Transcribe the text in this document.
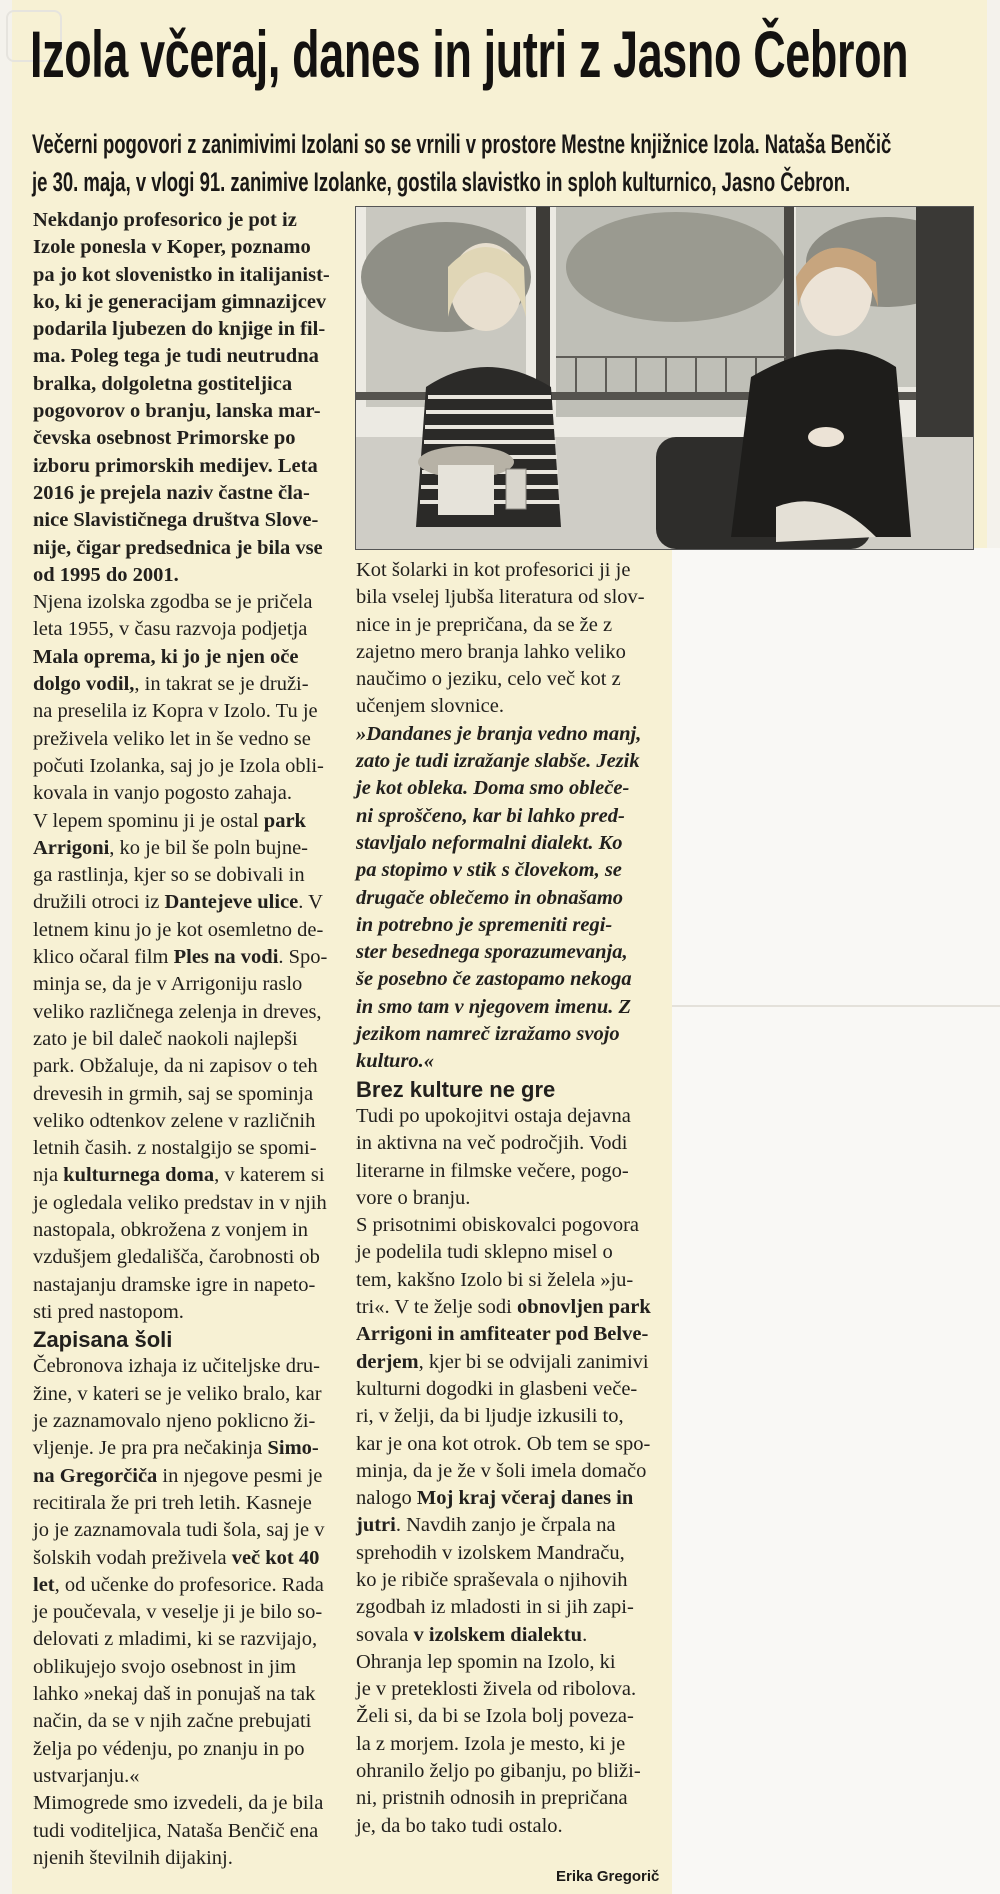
Izola včeraj, danes in jutri z Jasno Čebron
Večerni pogovori z zanimivimi Izolani so se vrnili v prostore Mestne knjižnice Izola. Nataša Benčič
je 30. maja, v vlogi 91. zanimive Izolanke, gostila slavistko in sploh kulturnico, Jasno Čebron.

Nekdanjo profesorico je pot iz

Izole ponesla v Koper, poznamo

pa jo kot slovenistko in italijanist-

ko, ki je generacijam gimnazijcev

podarila ljubezen do knjige in fil-

ma. Poleg tega je tudi neutrudna

bralka, dolgoletna gostiteljica

pogovorov o branju, lanska mar-

čevska osebnost Primorske po

izboru primorskih medijev. Leta

2016 je prejela naziv častne čla-

nice Slavističnega društva Slove-

nije, čigar predsednica je bila vse

od 1995 do 2001.

Njena izolska zgodba se je pričela

leta 1955, v času razvoja podjetja

Mala oprema, ki jo je njen oče

dolgo vodil,, in takrat se je druži-

na preselila iz Kopra v Izolo. Tu je

preživela veliko let in še vedno se

počuti Izolanka, saj jo je Izola obli-

kovala in vanjo pogosto zahaja.

V lepem spominu ji je ostal park

Arrigoni, ko je bil še poln bujne-

ga rastlinja, kjer so se dobivali in

družili otroci iz Dantejeve ulice. V

letnem kinu jo je kot osemletno de-

klico očaral film Ples na vodi. Spo-

minja se, da je v Arrigoniju raslo

veliko različnega zelenja in dreves,

zato je bil daleč naokoli najlepši

park. Obžaluje, da ni zapisov o teh

drevesih in grmih, saj se spominja

veliko odtenkov zelene v različnih

letnih časih. z nostalgijo se spomi-

nja kulturnega doma, v katerem si

je ogledala veliko predstav in v njih

nastopala, obkrožena z vonjem in

vzdušjem gledališča, čarobnosti ob

nastajanju dramske igre in napeto-

sti pred nastopom.

Zapisana šoli

Čebronova izhaja iz učiteljske dru-

žine, v kateri se je veliko bralo, kar

je zaznamovalo njeno poklicno ži-

vljenje. Je pra pra nečakinja Simo-

na Gregorčiča in njegove pesmi je

recitirala že pri treh letih. Kasneje

jo je zaznamovala tudi šola, saj je v

šolskih vodah preživela več kot 40

let, od učenke do profesorice. Rada

je poučevala, v veselje ji je bilo so-

delovati z mladimi, ki se razvijajo,

oblikujejo svojo osebnost in jim

lahko »nekaj daš in ponujaš na tak

način, da se v njih začne prebujati

želja po védenju, po znanju in po

ustvarjanju.«

Mimogrede smo izvedeli, da je bila

tudi voditeljica, Nataša Benčič ena

njenih številnih dijakinj.

Kot šolarki in kot profesorici ji je

bila vselej ljubša literatura od slov-

nice in je prepričana, da se že z

zajetno mero branja lahko veliko

naučimo o jeziku, celo več kot z

učenjem slovnice.

»Dandanes je branja vedno manj,

zato je tudi izražanje slabše. Jezik

je kot obleka. Doma smo obleče-

ni sproščeno, kar bi lahko pred-

stavljalo neformalni dialekt. Ko

pa stopimo v stik s človekom, se

drugače oblečemo in obnašamo

in potrebno je spremeniti regi-

ster besednega sporazumevanja,

še posebno če zastopamo nekoga

in smo tam v njegovem imenu. Z

jezikom namreč izražamo svojo

kulturo.«

Brez kulture ne gre

Tudi po upokojitvi ostaja dejavna

in aktivna na več področjih. Vodi

literarne in filmske večere, pogo-

vore o branju.

S prisotnimi obiskovalci pogovora

je podelila tudi sklepno misel o

tem, kakšno Izolo bi si želela »ju-

tri«. V te želje sodi obnovljen park

Arrigoni in amfiteater pod Belve-

derjem, kjer bi se odvijali zanimivi

kulturni dogodki in glasbeni veče-

ri, v želji, da bi ljudje izkusili to,

kar je ona kot otrok. Ob tem se spo-

minja, da je že v šoli imela domačo

nalogo Moj kraj včeraj danes in

jutri. Navdih zanjo je črpala na

sprehodih v izolskem Mandraču,

ko je ribiče spraševala o njihovih

zgodbah iz mladosti in si jih zapi-

sovala v izolskem dialektu.

Ohranja lep spomin na Izolo, ki

je v preteklosti živela od ribolova.

Želi si, da bi se Izola bolj poveza-

la z morjem. Izola je mesto, ki je

ohranilo željo po gibanju, po bliži-

ni, pristnih odnosih in prepričana

je, da bo tako tudi ostalo.

Erika Gregorič
